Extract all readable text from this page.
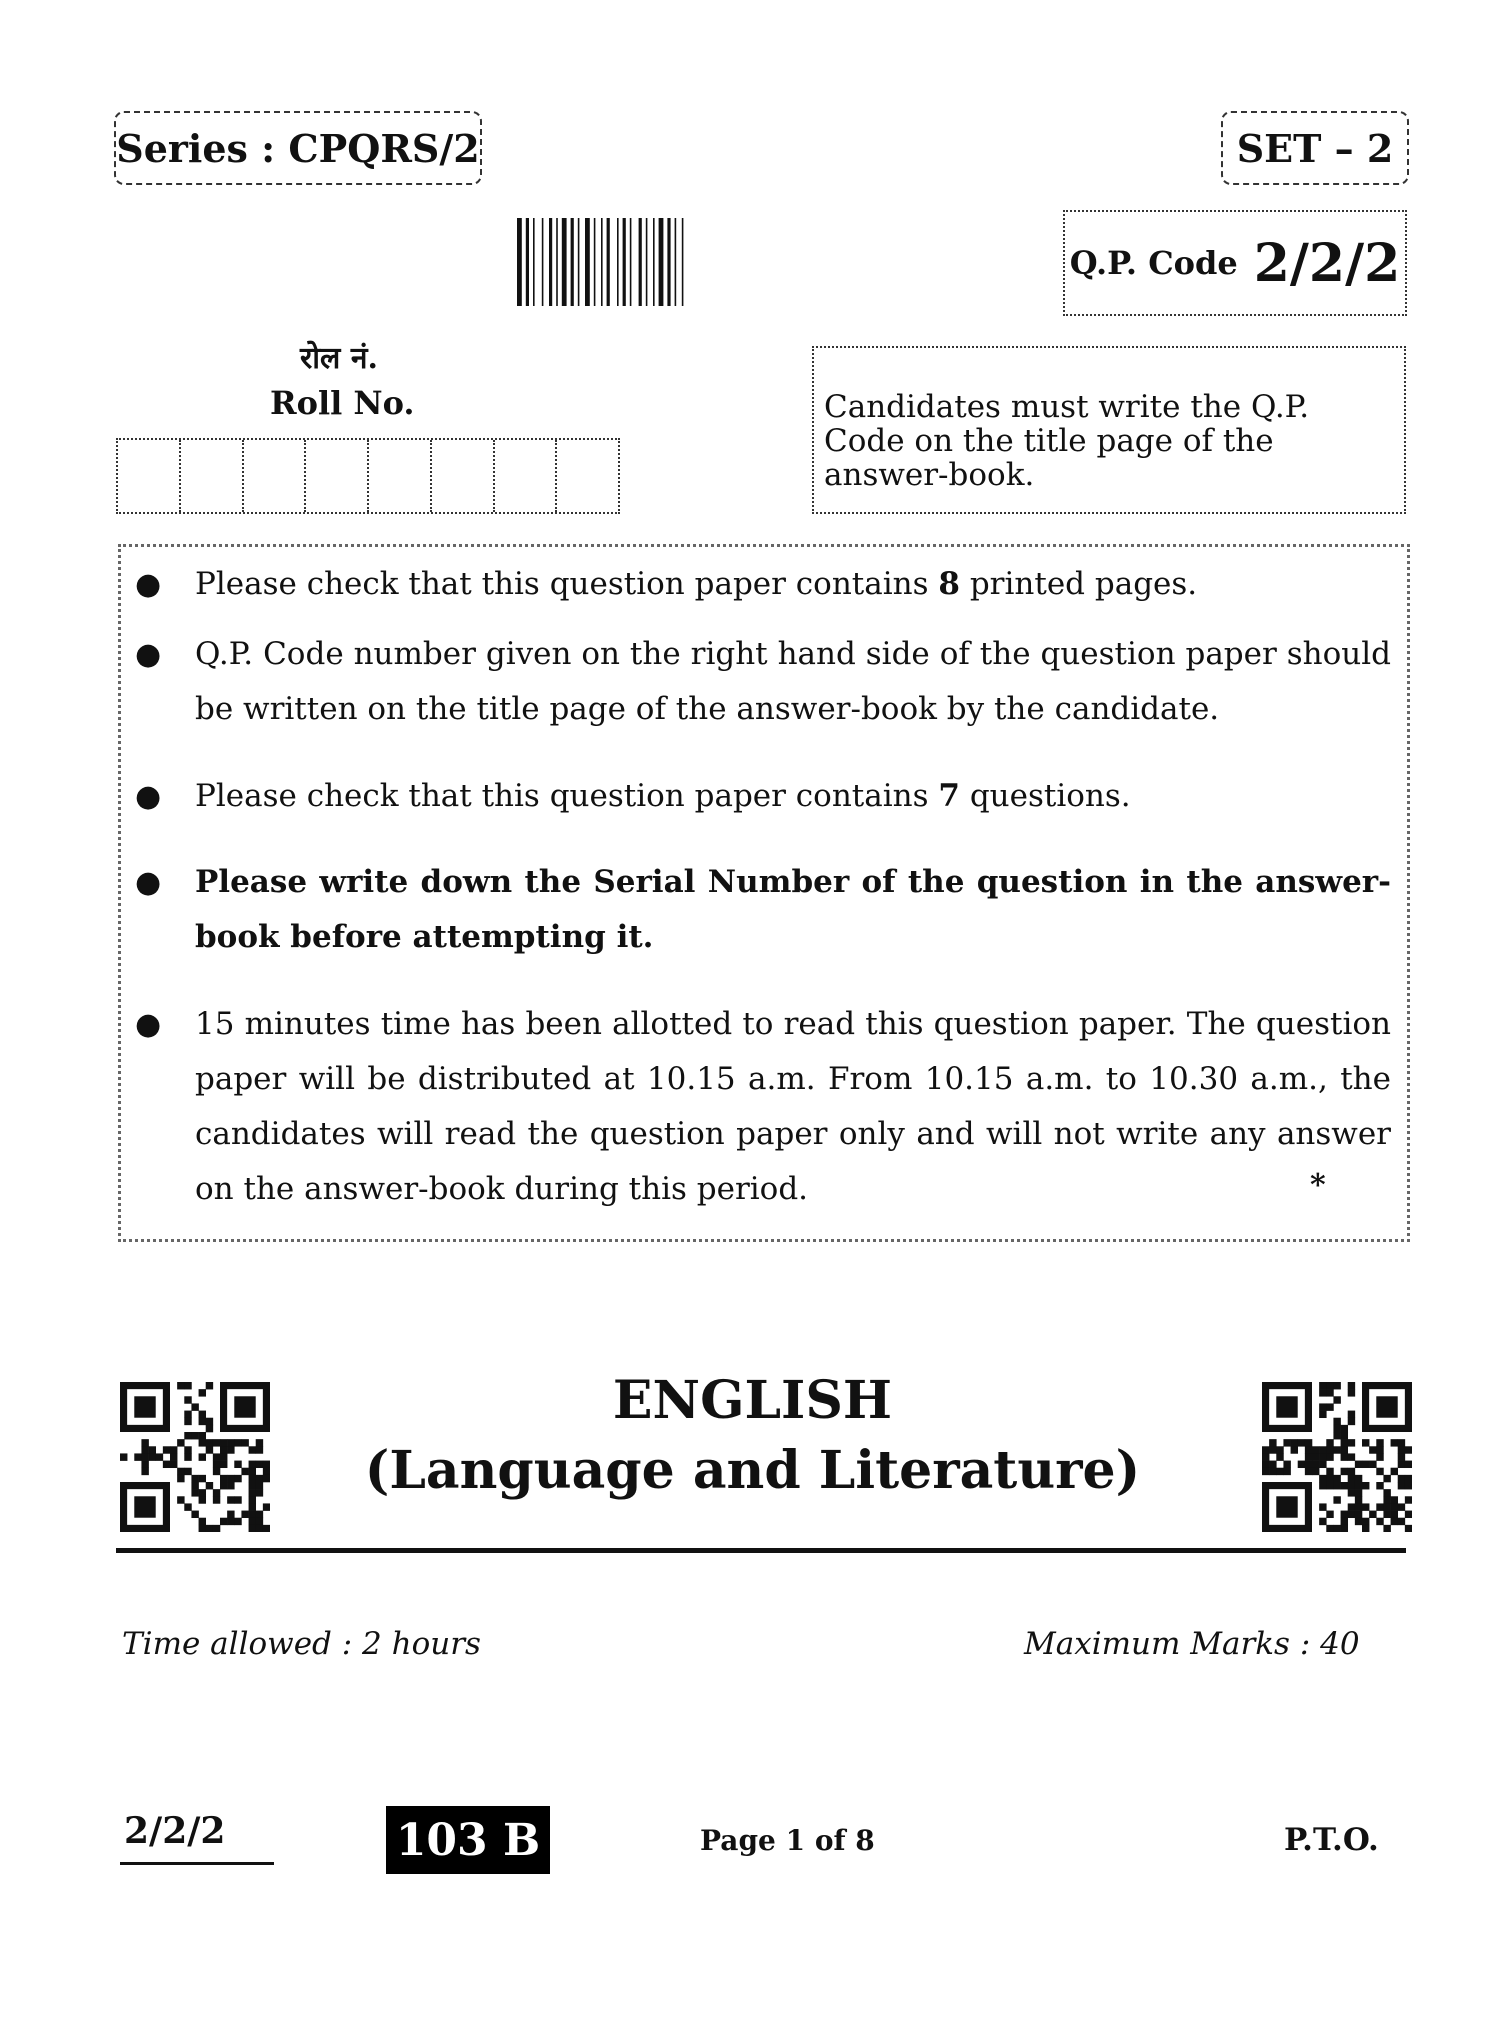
Series : CPQRS/2	SET – 2
Q.P. Code 2/2/2
रोल नं.
Roll No.	Candidates must write the Q.P. Code on the title page of the answer-book.
● Please check that this question paper contains 8 printed pages.
● Q.P. Code number given on the right hand side of the question paper should be written on the title page of the answer-book by the candidate.
● Please check that this question paper contains 7 questions.
● Please write down the Serial Number of the question in the answer-book before attempting it.
● 15 minutes time has been allotted to read this question paper. The question paper will be distributed at 10.15 a.m. From 10.15 a.m. to 10.30 a.m., the candidates will read the question paper only and will not write any answer on the answer-book during this period.	*
ENGLISH
(Language and Literature)
Time allowed : 2 hours	Maximum Marks : 40
2/2/2	103 B	Page 1 of 8	P.T.O.
